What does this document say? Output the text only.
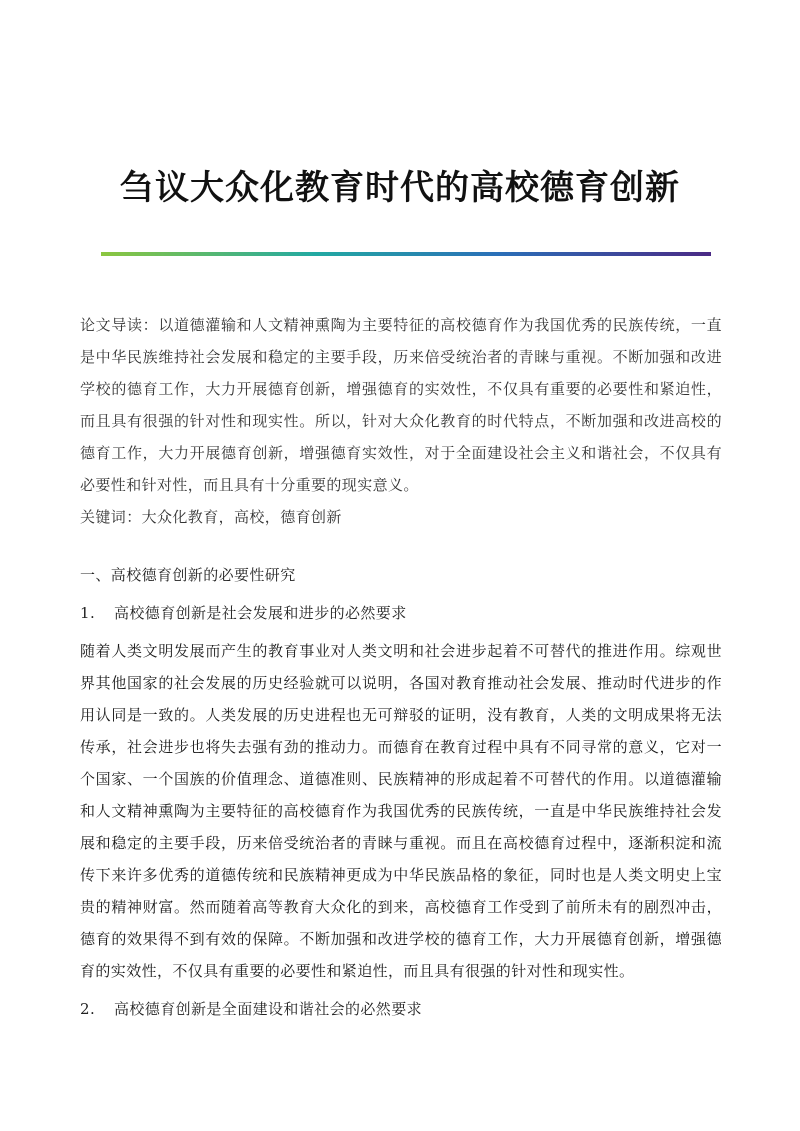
刍议大众化教育时代的高校德育创新

论文导读：以道德灌输和人文精神熏陶为主要特征的高校德育作为我国优秀的民族传统，一直是中华民族维持社会发展和稳定的主要手段，历来倍受统治者的青睐与重视。不断加强和改进学校的德育工作，大力开展德育创新，增强德育的实效性，不仅具有重要的必要性和紧迫性，而且具有很强的针对性和现实性。所以，针对大众化教育的时代特点，不断加强和改进高校的德育工作，大力开展德育创新，增强德育实效性，对于全面建设社会主义和谐社会，不仅具有必要性和针对性，而且具有十分重要的现实意义。

关键词：大众化教育，高校，德育创新

一、高校德育创新的必要性研究

1. 高校德育创新是社会发展和进步的必然要求

随着人类文明发展而产生的教育事业对人类文明和社会进步起着不可替代的推进作用。综观世界其他国家的社会发展的历史经验就可以说明，各国对教育推动社会发展、推动时代进步的作用认同是一致的。人类发展的历史进程也无可辩驳的证明，没有教育，人类的文明成果将无法传承，社会进步也将失去强有劲的推动力。而德育在教育过程中具有不同寻常的意义，它对一个国家、一个国族的价值理念、道德准则、民族精神的形成起着不可替代的作用。以道德灌输和人文精神熏陶为主要特征的高校德育作为我国优秀的民族传统，一直是中华民族维持社会发展和稳定的主要手段，历来倍受统治者的青睐与重视。而且在高校德育过程中，逐渐积淀和流传下来许多优秀的道德传统和民族精神更成为中华民族品格的象征，同时也是人类文明史上宝贵的精神财富。然而随着高等教育大众化的到来，高校德育工作受到了前所未有的剧烈冲击，德育的效果得不到有效的保障。不断加强和改进学校的德育工作，大力开展德育创新，增强德育的实效性，不仅具有重要的必要性和紧迫性，而且具有很强的针对性和现实性。

2. 高校德育创新是全面建设和谐社会的必然要求
